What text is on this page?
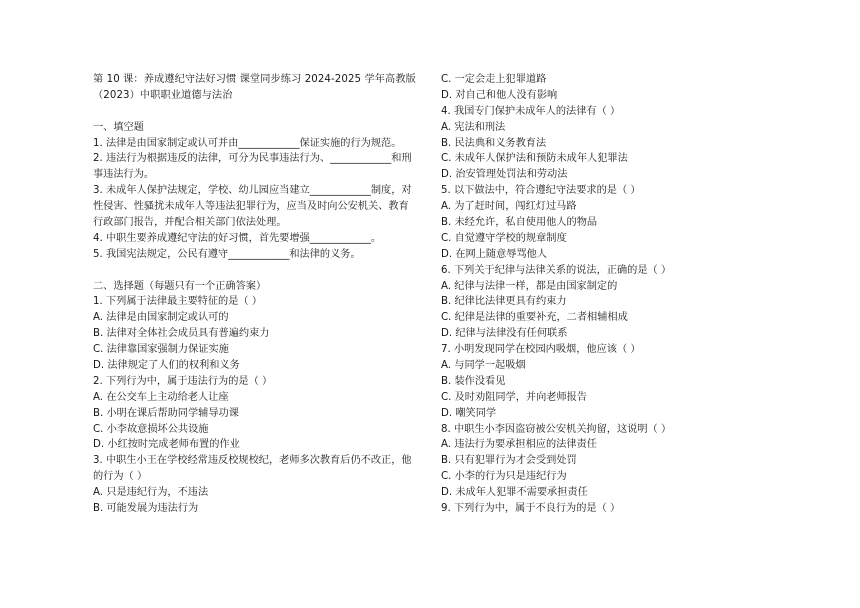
第 10 课：养成遵纪守法好习惯 课堂同步练习 2024-2025 学年高教版
（2023）中职职业道德与法治
一、填空题
1. 法律是由国家制定或认可并由____________保证实施的行为规范。
2. 违法行为根据违反的法律，可分为民事违法行为、____________和刑
事违法行为。
3. 未成年人保护法规定，学校、幼儿园应当建立____________制度，对
性侵害、性骚扰未成年人等违法犯罪行为，应当及时向公安机关、教育
行政部门报告，并配合相关部门依法处理。
4. 中职生要养成遵纪守法的好习惯，首先要增强____________。
5. 我国宪法规定，公民有遵守____________和法律的义务。
二、选择题（每题只有一个正确答案）
1. 下列属于法律最主要特征的是（ ）
A. 法律是由国家制定或认可的
B. 法律对全体社会成员具有普遍约束力
C. 法律靠国家强制力保证实施
D. 法律规定了人们的权利和义务
2. 下列行为中，属于违法行为的是（ ）
A. 在公交车上主动给老人让座
B. 小明在课后帮助同学辅导功课
C. 小李故意损坏公共设施
D. 小红按时完成老师布置的作业
3. 中职生小王在学校经常违反校规校纪，老师多次教育后仍不改正，他
的行为（ ）
A. 只是违纪行为，不违法
B. 可能发展为违法行为
C. 一定会走上犯罪道路
D. 对自己和他人没有影响
4. 我国专门保护未成年人的法律有（ ）
A. 宪法和刑法
B. 民法典和义务教育法
C. 未成年人保护法和预防未成年人犯罪法
D. 治安管理处罚法和劳动法
5. 以下做法中，符合遵纪守法要求的是（ ）
A. 为了赶时间，闯红灯过马路
B. 未经允许，私自使用他人的物品
C. 自觉遵守学校的规章制度
D. 在网上随意辱骂他人
6. 下列关于纪律与法律关系的说法，正确的是（ ）
A. 纪律与法律一样，都是由国家制定的
B. 纪律比法律更具有约束力
C. 纪律是法律的重要补充，二者相辅相成
D. 纪律与法律没有任何联系
7. 小明发现同学在校园内吸烟，他应该（ ）
A. 与同学一起吸烟
B. 装作没看见
C. 及时劝阻同学，并向老师报告
D. 嘲笑同学
8. 中职生小李因盗窃被公安机关拘留，这说明（ ）
A. 违法行为要承担相应的法律责任
B. 只有犯罪行为才会受到处罚
C. 小李的行为只是违纪行为
D. 未成年人犯罪不需要承担责任
9. 下列行为中，属于不良行为的是（ ）
